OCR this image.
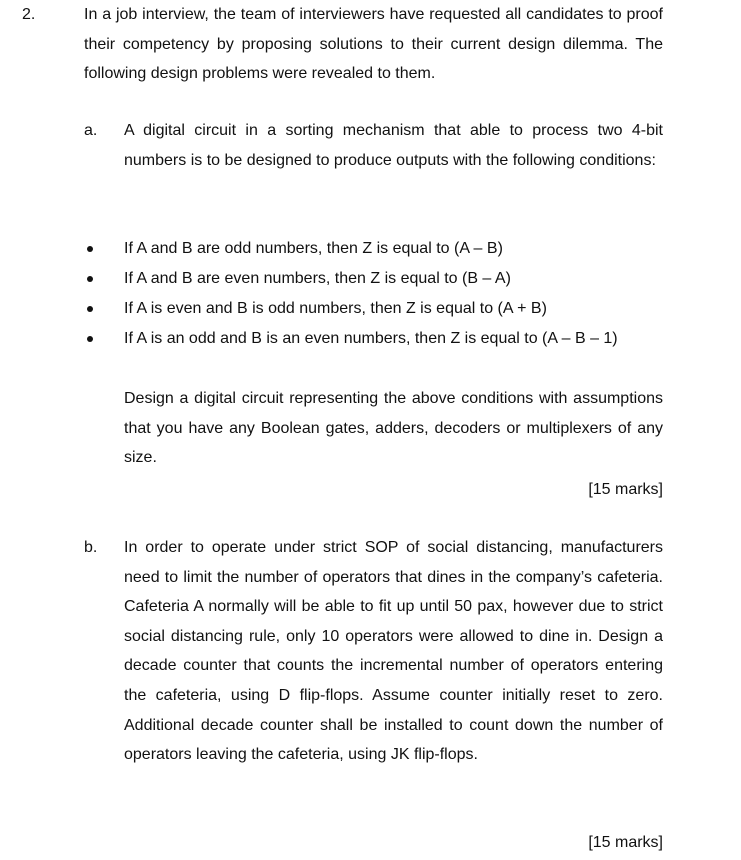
2.	In a job interview, the team of interviewers have requested all candidates to proof their competency by proposing solutions to their current design dilemma. The following design problems were revealed to them.
a. A digital circuit in a sorting mechanism that able to process two 4-bit numbers is to be designed to produce outputs with the following conditions:
If A and B are odd numbers, then Z is equal to (A – B)
If A and B are even numbers, then Z is equal to (B – A)
If A is even and B is odd numbers, then Z is equal to (A + B)
If A is an odd and B is an even numbers, then Z is equal to (A – B – 1)
Design a digital circuit representing the above conditions with assumptions that you have any Boolean gates, adders, decoders or multiplexers of any size.
[15 marks]
b. In order to operate under strict SOP of social distancing, manufacturers need to limit the number of operators that dines in the company’s cafeteria. Cafeteria A normally will be able to fit up until 50 pax, however due to strict social distancing rule, only 10 operators were allowed to dine in. Design a decade counter that counts the incremental number of operators entering the cafeteria, using D flip-flops. Assume counter initially reset to zero. Additional decade counter shall be installed to count down the number of operators leaving the cafeteria, using JK flip-flops.
[15 marks]
